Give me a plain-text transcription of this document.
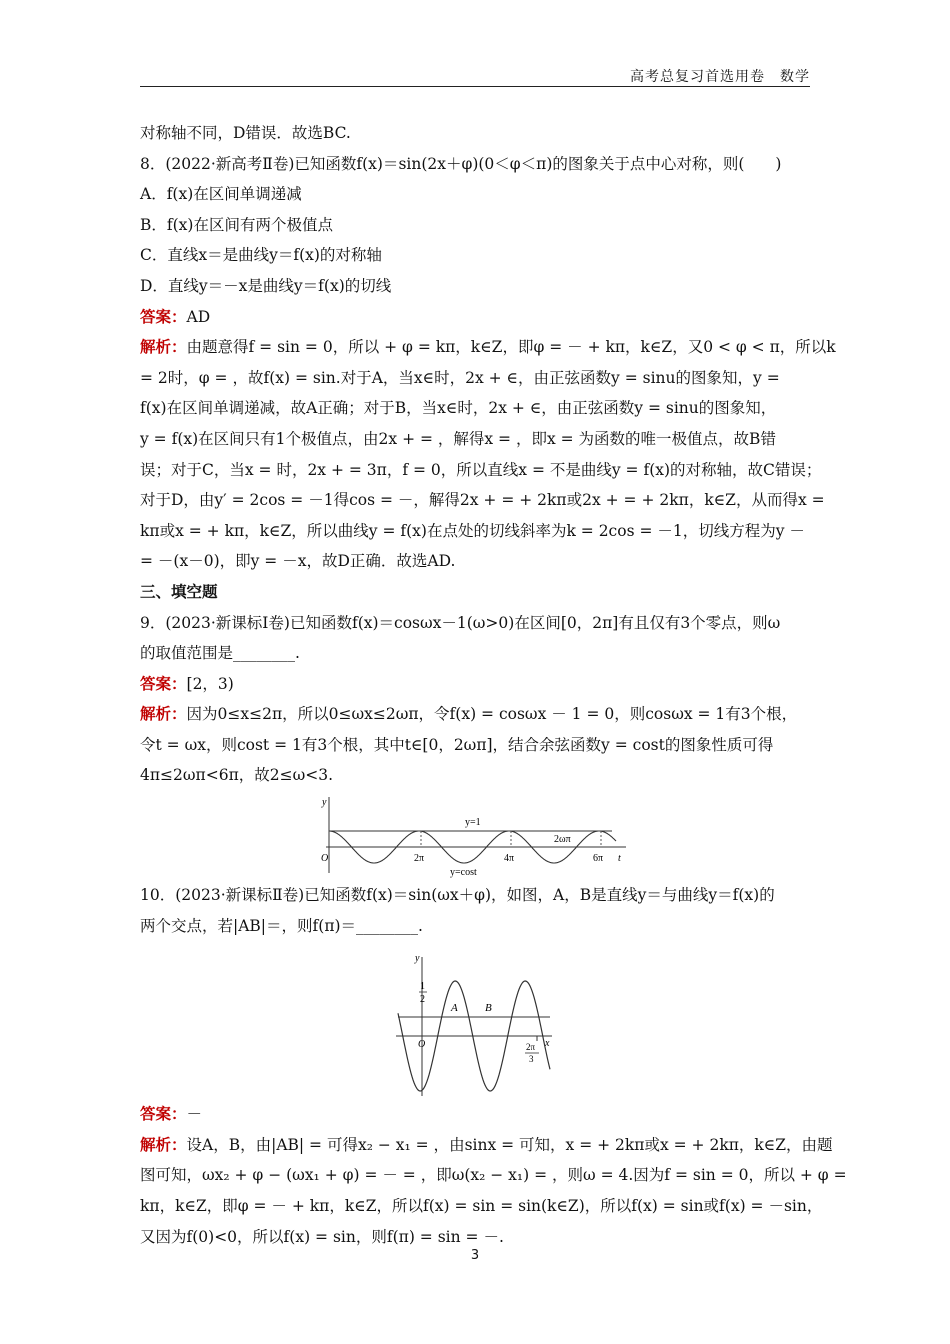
高考总复习首选用卷　数学
对称轴不同，D错误．故选BC.
8．(2022·新高考Ⅱ卷)已知函数f(x)＝sin(2x＋φ)(0＜φ＜π)的图象关于点中心对称，则(　　)
A．f(x)在区间单调递减
B．f(x)在区间有两个极值点
C．直线x＝是曲线y＝f(x)的对称轴
D．直线y＝－x是曲线y＝f(x)的切线
答案：AD
解析：由题意得f = sin = 0，所以 + φ = kπ，k∈Z，即φ = － + kπ，k∈Z，又0 < φ < π，所以k
= 2时，φ = ，故f(x) = sin.对于A，当x∈时，2x + ∈，由正弦函数y = sinu的图象知，y =
f(x)在区间单调递减，故A正确；对于B，当x∈时，2x + ∈，由正弦函数y = sinu的图象知，
y = f(x)在区间只有1个极值点，由2x + = ，解得x = ，即x = 为函数的唯一极值点，故B错
误；对于C，当x = 时，2x + = 3π，f = 0，所以直线x = 不是曲线y = f(x)的对称轴，故C错误；
对于D，由y′ = 2cos = －1得cos = －，解得2x + = + 2kπ或2x + = + 2kπ，k∈Z，从而得x =
kπ或x = + kπ，k∈Z，所以曲线y = f(x)在点处的切线斜率为k = 2cos = －1，切线方程为y －
= －(x－0)，即y = －x，故D正确．故选AD.
三、填空题
9．(2023·新课标Ⅰ卷)已知函数f(x)＝cosωx－1(ω>0)在区间[0，2π]有且仅有3个零点，则ω
的取值范围是________.
答案：[2，3)
解析：因为0≤x≤2π，所以0≤ωx≤2ωπ，令f(x) = cosωx － 1 = 0，则cosωx = 1有3个根，
令t = ωx，则cost = 1有3个根，其中t∈[0，2ωπ]，结合余弦函数y = cost的图象性质可得
4π≤2ωπ<6π，故2≤ω<3.
y
t
O
y=1
y=cost
2π	4π	6π
2ωπ
10．(2023·新课标Ⅱ卷)已知函数f(x)＝sin(ωx＋φ)，如图，A，B是直线y＝与曲线y＝f(x)的
两个交点，若|AB|＝，则f(π)＝________.
y
x
O
1
2
A B
2π
3
答案：－
解析：设A，B，由|AB| = 可得x₂ − x₁ = ，由sinx = 可知，x = + 2kπ或x = + 2kπ，k∈Z，由题
图可知，ωx₂ + φ − (ωx₁ + φ) = － = ，即ω(x₂ − x₁) = ，则ω = 4.因为f = sin = 0，所以 + φ =
kπ，k∈Z，即φ = － + kπ，k∈Z，所以f(x) = sin = sin(k∈Z)，所以f(x) = sin或f(x) = －sin，
又因为f(0)<0，所以f(x) = sin，则f(π) = sin = －.
3
